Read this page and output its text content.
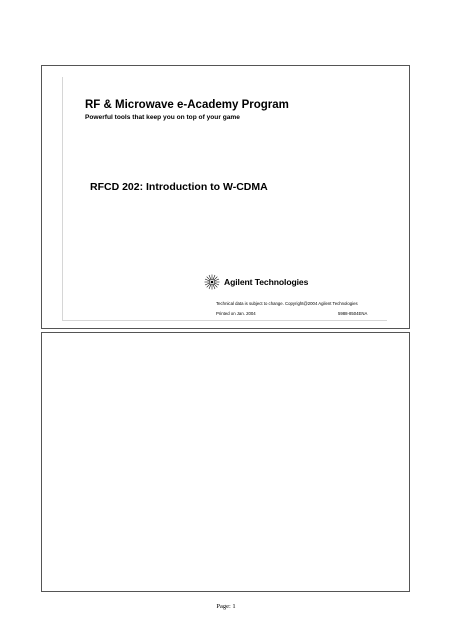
RF & Microwave e-Academy Program
Powerful tools that keep you on top of your game
RFCD 202: Introduction to W-CDMA
Agilent Technologies
Technical data is subject to change. Copyright@2004 Agilent Technologies
Printed on Jan. 2004	5988-8504ENA
Page: 1
